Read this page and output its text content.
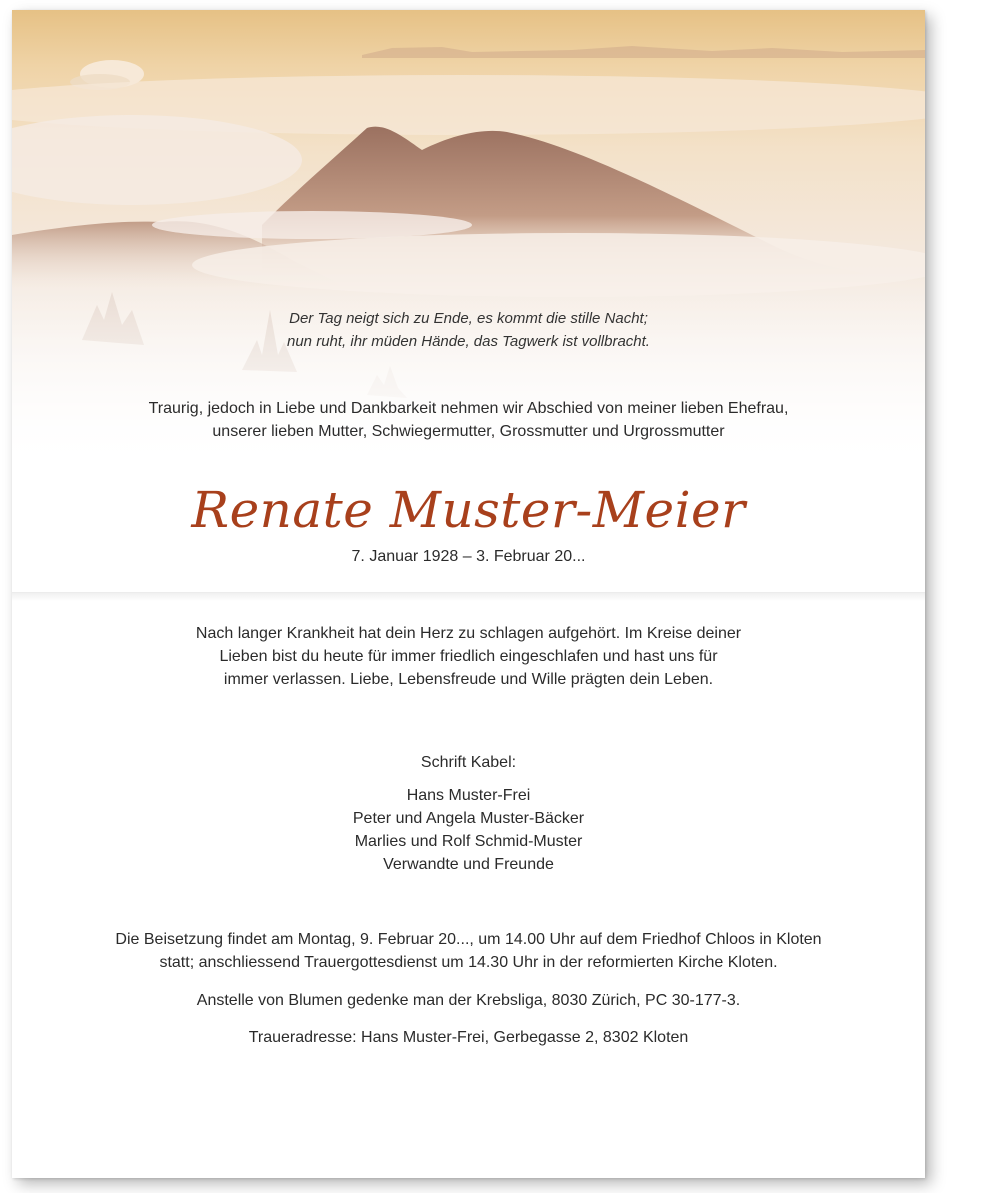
Der Tag neigt sich zu Ende, es kommt die stille Nacht;
nun ruht, ihr müden Hände, das Tagwerk ist vollbracht.
Traurig, jedoch in Liebe und Dankbarkeit nehmen wir Abschied von meiner lieben Ehefrau,
unserer lieben Mutter, Schwiegermutter, Grossmutter und Urgrossmutter
Renate Muster-Meier
7. Januar 1928 – 3. Februar 20...
Nach langer Krankheit hat dein Herz zu schlagen aufgehört. Im Kreise deiner
Lieben bist du heute für immer friedlich eingeschlafen und hast uns für
immer verlassen. Liebe, Lebensfreude und Wille prägten dein Leben.
Schrift Kabel:
Hans Muster-Frei
Peter und Angela Muster-Bäcker
Marlies und Rolf Schmid-Muster
Verwandte und Freunde
Die Beisetzung findet am Montag, 9. Februar 20..., um 14.00 Uhr auf dem Friedhof Chloos in Kloten
statt; anschliessend Trauergottesdienst um 14.30 Uhr in der reformierten Kirche Kloten.
Anstelle von Blumen gedenke man der Krebsliga, 8030 Zürich, PC 30-177-3.
Traueradresse: Hans Muster-Frei, Gerbegasse 2, 8302 Kloten
